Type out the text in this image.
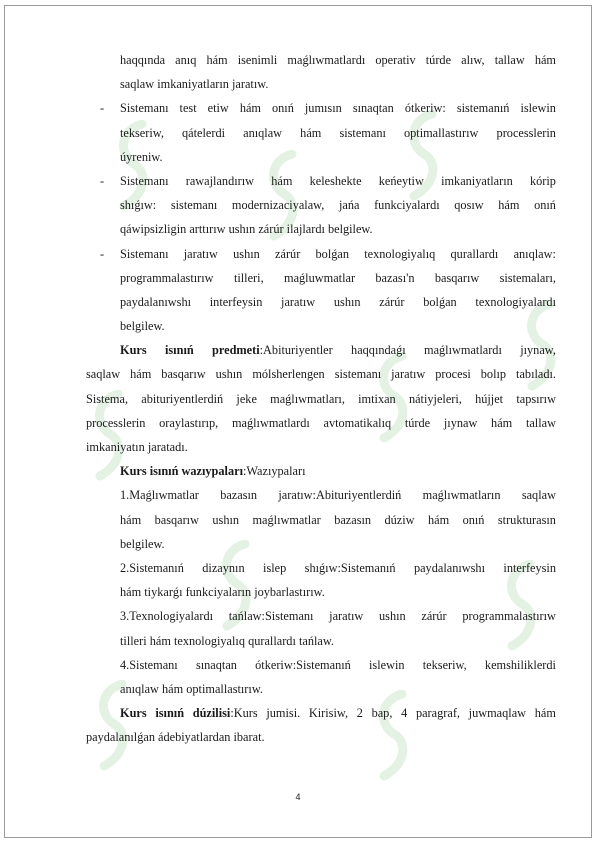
haqqında anıq hám isenimli maǵlıwmatlardı operativ túrde alıw, tallaw hám
saqlaw imkaniyatların jaratıw.
- Sistemanı test etiw hám onıń jumısın sınaqtan ótkeriw: sistemanıń islewin
tekseriw, qátelerdi anıqlaw hám sistemanı optimallastırıw processlerin
úyreniw.
- Sistemanı rawajlandırıw hám keleshekte keńeytiw imkaniyatların kórip
shıǵıw: sistemanı modernizaciyalaw, jańa funkciyalardı qosıw hám onıń
qáwipsizligin arttırıw ushın zárúr ilajlardı belgilew.
- Sistemanı jaratıw ushın zárúr bolǵan texnologiyalıq qurallardı anıqlaw:
programmalastırıw tilleri, maǵluwmatlar bazası'n basqarıw sistemaları,
paydalanıwshı interfeysin jaratıw ushın zárúr bolǵan texnologiyalardı
belgilew.
Kurs isınıń predmeti:Abituriyentler haqqındaǵı maǵlıwmatlardı jıynaw,
saqlaw hám basqarıw ushın mólsherlengen sistemanı jaratıw procesi bolıp tabıladı.
Sistema, abituriyentlerdiń jeke maǵlıwmatları, imtixan nátiyjeleri, hújjet tapsırıw
processlerin oraylastırıp, maǵlıwmatlardı avtomatikalıq túrde jıynaw hám tallaw
imkaniyatın jaratadı.
Kurs isınıń wazıypaları:Wazıypaları
1.Maǵlıwmatlar bazasın jaratıw:Abituriyentlerdiń maǵlıwmatların saqlaw
hám basqarıw ushın maǵlıwmatlar bazasın dúziw hám onıń strukturasın
belgilew.
2.Sistemanıń dizaynın islep shıǵıw:Sistemanıń paydalanıwshı interfeysin
hám tiykarǵı funkciyaların joybarlastırıw.
3.Texnologiyalardı tańlaw:Sistemanı jaratıw ushın zárúr programmalastırıw
tilleri hám texnologiyalıq qurallardı tańlaw.
4.Sistemanı sınaqtan ótkeriw:Sistemanıń islewin tekseriw, kemshiliklerdi
anıqlaw hám optimallastırıw.
Kurs isınıń dúzilisi:Kurs jumisi. Kirisiw, 2 bap, 4 paragraf, juwmaqlaw hám
paydalanılǵan ádebiyatlardan ibarat.
4
